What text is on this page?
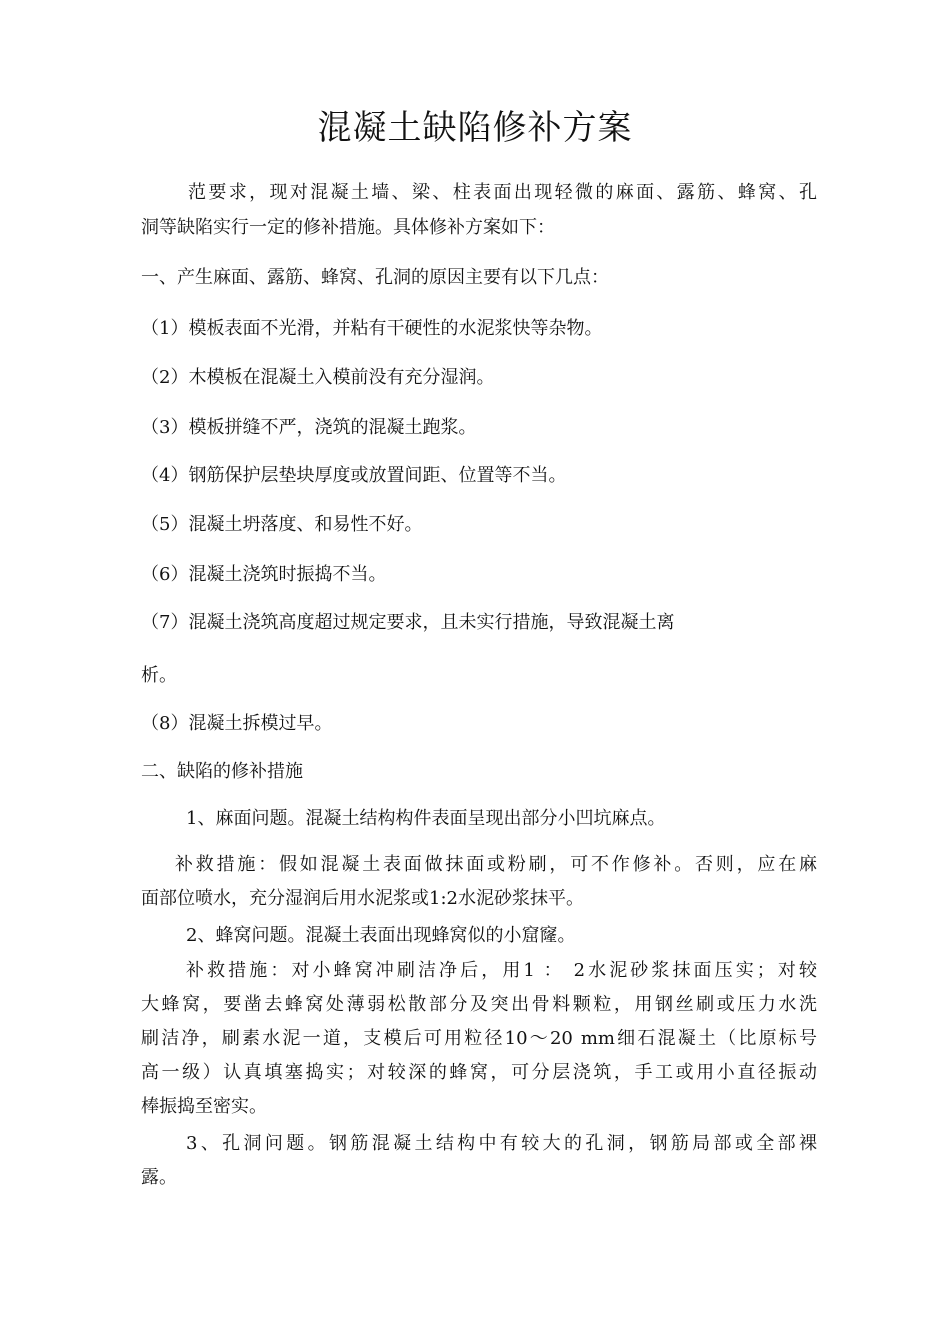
混凝土缺陷修补方案

范要求，现对混凝土墙、梁、柱表面出现轻微的麻面、露筋、蜂窝、孔

洞等缺陷实行一定的修补措施。具体修补方案如下：

一、产生麻面、露筋、蜂窝、孔洞的原因主要有以下几点：

（1）模板表面不光滑，并粘有干硬性的水泥浆快等杂物。

（2）木模板在混凝土入模前没有充分湿润。

（3）模板拼缝不严，浇筑的混凝土跑浆。

（4）钢筋保护层垫块厚度或放置间距、位置等不当。

（5）混凝土坍落度、和易性不好。

（6）混凝土浇筑时振捣不当。

（7）混凝土浇筑高度超过规定要求，且未实行措施，导致混凝土离

析。

（8）混凝土拆模过早。

二、缺陷的修补措施

1、麻面问题。混凝土结构构件表面呈现出部分小凹坑麻点。

补救措施：假如混凝土表面做抹面或粉刷，可不作修补。否则，应在麻

面部位喷水，充分湿润后用水泥浆或1:2水泥砂浆抹平。

2、蜂窝问题。混凝土表面出现蜂窝似的小窟窿。

补救措施：对小蜂窝冲刷洁净后，用1 ： 2水泥砂浆抹面压实；对较

大蜂窝，要凿去蜂窝处薄弱松散部分及突出骨料颗粒，用钢丝刷或压力水洗

刷洁净，刷素水泥一道，支模后可用粒径10〜20 mm细石混凝土（比原标号

高一级）认真填塞捣实；对较深的蜂窝，可分层浇筑，手工或用小直径振动

棒振捣至密实。

3、孔洞问题。钢筋混凝土结构中有较大的孔洞，钢筋局部或全部裸

露。
